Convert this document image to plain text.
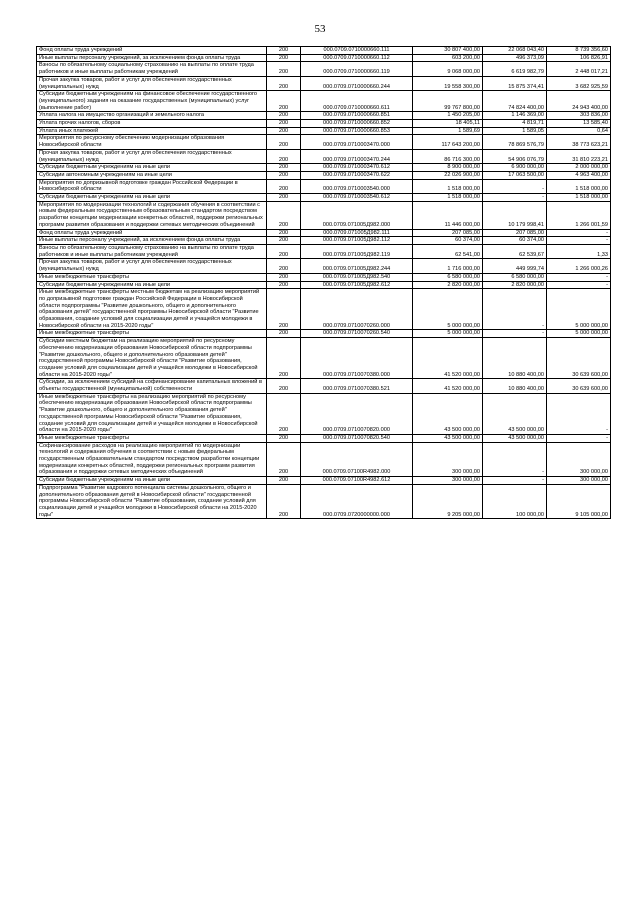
53
Фонд оплаты труда учреждений	200	000.0709.0710000660.111	30 807 400,00	22 068 043,40	8 739 356,60
Иные выплаты персоналу учреждений, за исключением фонда оплаты труда	200	000.0709.0710000660.112	603 200,00	496 373,09	106 826,91
Взносы по обязательному социальному страхованию на выплаты по оплате труда работников и иные выплаты работникам учреждений	200	000.0709.0710000660.119	9 068 000,00	6 619 982,79	2 448 017,21
Прочая закупка товаров, работ и услуг для обеспечения государственных (муниципальных) нужд	200	000.0709.0710000660.244	19 558 300,00	15 875 374,41	3 682 925,59
Субсидии бюджетным учреждениям на финансовое обеспечение государственного (муниципального) задания на оказание государственных (муниципальных) услуг (выполнение работ)	200	000.0709.0710000660.611	99 767 800,00	74 824 400,00	24 943 400,00
Уплата налога на имущество организаций и земельного налога	200	000.0709.0710000660.851	1 450 205,00	1 146 369,00	303 836,00
Уплата прочих налогов, сборов	200	000.0709.0710000660.852	18 405,11	4 819,71	13 585,40
Уплата иных платежей	200	000.0709.0710000660.853	1 589,69	1 589,05	0,64
Мероприятия по ресурсному обеспечению модернизации образования Новосибирской области	200	000.0709.0710003470.000	117 643 200,00	78 869 576,79	38 773 623,21
Прочая закупка товаров, работ и услуг для обеспечения государственных (муниципальных) нужд	200	000.0709.0710003470.244	86 716 300,00	54 906 076,79	31 810 223,21
Субсидии бюджетным учреждениям на иные цели	200	000.0709.0710003470.612	8 900 000,00	6 900 000,00	2 000 000,00
Субсидии автономным учреждениям на иные цели	200	000.0709.0710003470.622	22 026 900,00	17 063 500,00	4 963 400,00
Мероприятия по допризывной подготовке граждан Российской Федерации в Новосибирской области	200	000.0709.0710003540.000	1 518 000,00	-	1 518 000,00
Субсидии бюджетным учреждениям на иные цели	200	000.0709.0710003540.612	1 518 000,00	-	1 518 000,00
Мероприятия по модернизации технологий и содержания обучения в соответствии с новым федеральным государственным образовательным стандартом посредством разработки концепции модернизации конкретных областей, поддержки региональных программ развития образования и поддержки сетевых методических объединений	200	000.0709.071005Д982.000	11 446 000,00	10 179 998,41	1 266 001,59
Фонд оплаты труда учреждений	200	000.0709.071005Д982.111	207 085,00	207 085,00	-
Иные выплаты персоналу учреждений, за исключением фонда оплаты труда	200	000.0709.071005Д982.112	60 374,00	60 374,00	-
Взносы по обязательному социальному страхованию на выплаты по оплате труда работников и иные выплаты работникам учреждений	200	000.0709.071005Д982.119	62 541,00	62 539,67	1,33
Прочая закупка товаров, работ и услуг для обеспечения государственных (муниципальных) нужд	200	000.0709.071005Д982.244	1 716 000,00	449 999,74	1 266 000,26
Иные межбюджетные трансферты	200	000.0709.071005Д982.540	6 580 000,00	6 580 000,00	-
Субсидии бюджетным учреждениям на иные цели	200	000.0709.071005Д982.612	2 820 000,00	2 820 000,00	-
Иные межбюджетные трансферты местным бюджетам на реализацию мероприятий по допризывной подготовке граждан Российской Федерации в Новосибирской области подпрограммы "Развитие дошкольного, общего и дополнительного образования детей" государственной программы Новосибирской области "Развитие образования, создание условий для социализации детей и учащейся молодежи в Новосибирской области на 2015-2020 годы"	200	000.0709.0710070260.000	5 000 000,00	-	5 000 000,00
Иные межбюджетные трансферты	200	000.0709.0710070260.540	5 000 000,00	-	5 000 000,00
Субсидии местным бюджетам на реализацию мероприятий по ресурсному обеспечению модернизации образования Новосибирской области подпрограммы "Развитие дошкольного, общего и дополнительного образования детей" государственной программы Новосибирской области "Развитие образования, создание условий для социализации детей и учащейся молодежи в Новосибирской области на 2015-2020 годы"	200	000.0709.0710070380.000	41 520 000,00	10 880 400,00	30 639 600,00
Субсидии, за исключением субсидий на софинансирование капитальных вложений в объекты государственной (муниципальной) собственности	200	000.0709.0710070380.521	41 520 000,00	10 880 400,00	30 639 600,00
Иные межбюджетные трансферты на реализацию мероприятий по ресурсному обеспечению модернизации образования Новосибирской области подпрограммы "Развитие дошкольного, общего и дополнительного образования детей" государственной программы Новосибирской области "Развитие образования, создание условий для социализации детей и учащейся молодежи в Новосибирской области на 2015-2020 годы"	200	000.0709.0710070820.000	43 500 000,00	43 500 000,00	-
Иные межбюджетные трансферты	200	000.0709.0710070820.540	43 500 000,00	43 500 000,00	-
Софинансирование расходов на реализацию мероприятий по модернизации технологий и содержания обучения в соответствии с новым федеральным государственным образовательным стандартом посредством разработки концепции модернизации конкретных областей, поддержки региональных программ развития образования и поддержки сетевых методических объединений	200	000.0709.07100R4982.000	300 000,00	-	300 000,00
Субсидии бюджетным учреждениям на иные цели	200	000.0709.07100R4982.612	300 000,00	-	300 000,00
Подпрограмма "Развитие кадрового потенциала системы дошкольного, общего и дополнительного образования детей в Новосибирской области" государственной программы Новосибирской области "Развитие образования, создание условий для социализации детей и учащейся молодежи в Новосибирской области на 2015-2020 годы"	200	000.0709.0720000000.000	9 205 000,00	100 000,00	9 105 000,00
